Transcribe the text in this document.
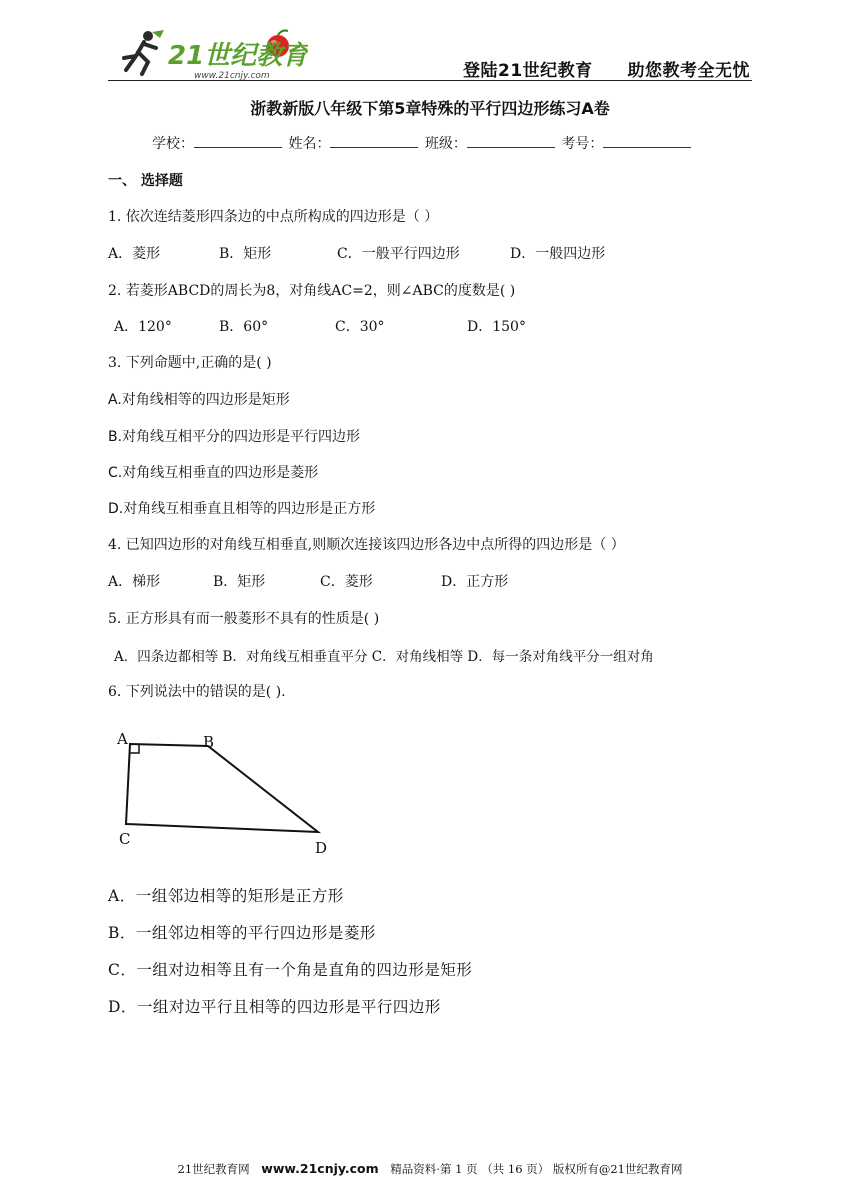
21世纪教育
www.21cnjy.com	登陆21世纪教育 助您教考全无忧
浙教新版八年级下第5章特殊的平行四边形练习A卷
学校：	姓名：	班级：	考号：
一、 选择题
1. 依次连结菱形四条边的中点所构成的四边形是（ ）
A．菱形	B．矩形	C．一般平行四边形	D．一般四边形
2. 若菱形ABCD的周长为8，对角线AC=2，则∠ABC的度数是( )
A．120°	B．60°	C．30°	D．150°
3. 下列命题中,正确的是( )
A.对角线相等的四边形是矩形
B.对角线互相平分的四边形是平行四边形
C.对角线互相垂直的四边形是菱形
D.对角线互相垂直且相等的四边形是正方形
4. 已知四边形的对角线互相垂直,则顺次连接该四边形各边中点所得的四边形是（ ）
A．梯形	B．矩形	C．菱形	D．正方形
5. 正方形具有而一般菱形不具有的性质是( )
A．四条边都相等 B．对角线互相垂直平分 C．对角线相等 D．每一条对角线平分一组对角
6. 下列说法中的错误的是( ).
A	B
C	D
A．一组邻边相等的矩形是正方形
B．一组邻边相等的平行四边形是菱形
C．一组对边相等且有一个角是直角的四边形是矩形
D．一组对边平行且相等的四边形是平行四边形
21世纪教育网 www.21cnjy.com 精品资料·第 1 页 （共 16 页） 版权所有@21世纪教育网
